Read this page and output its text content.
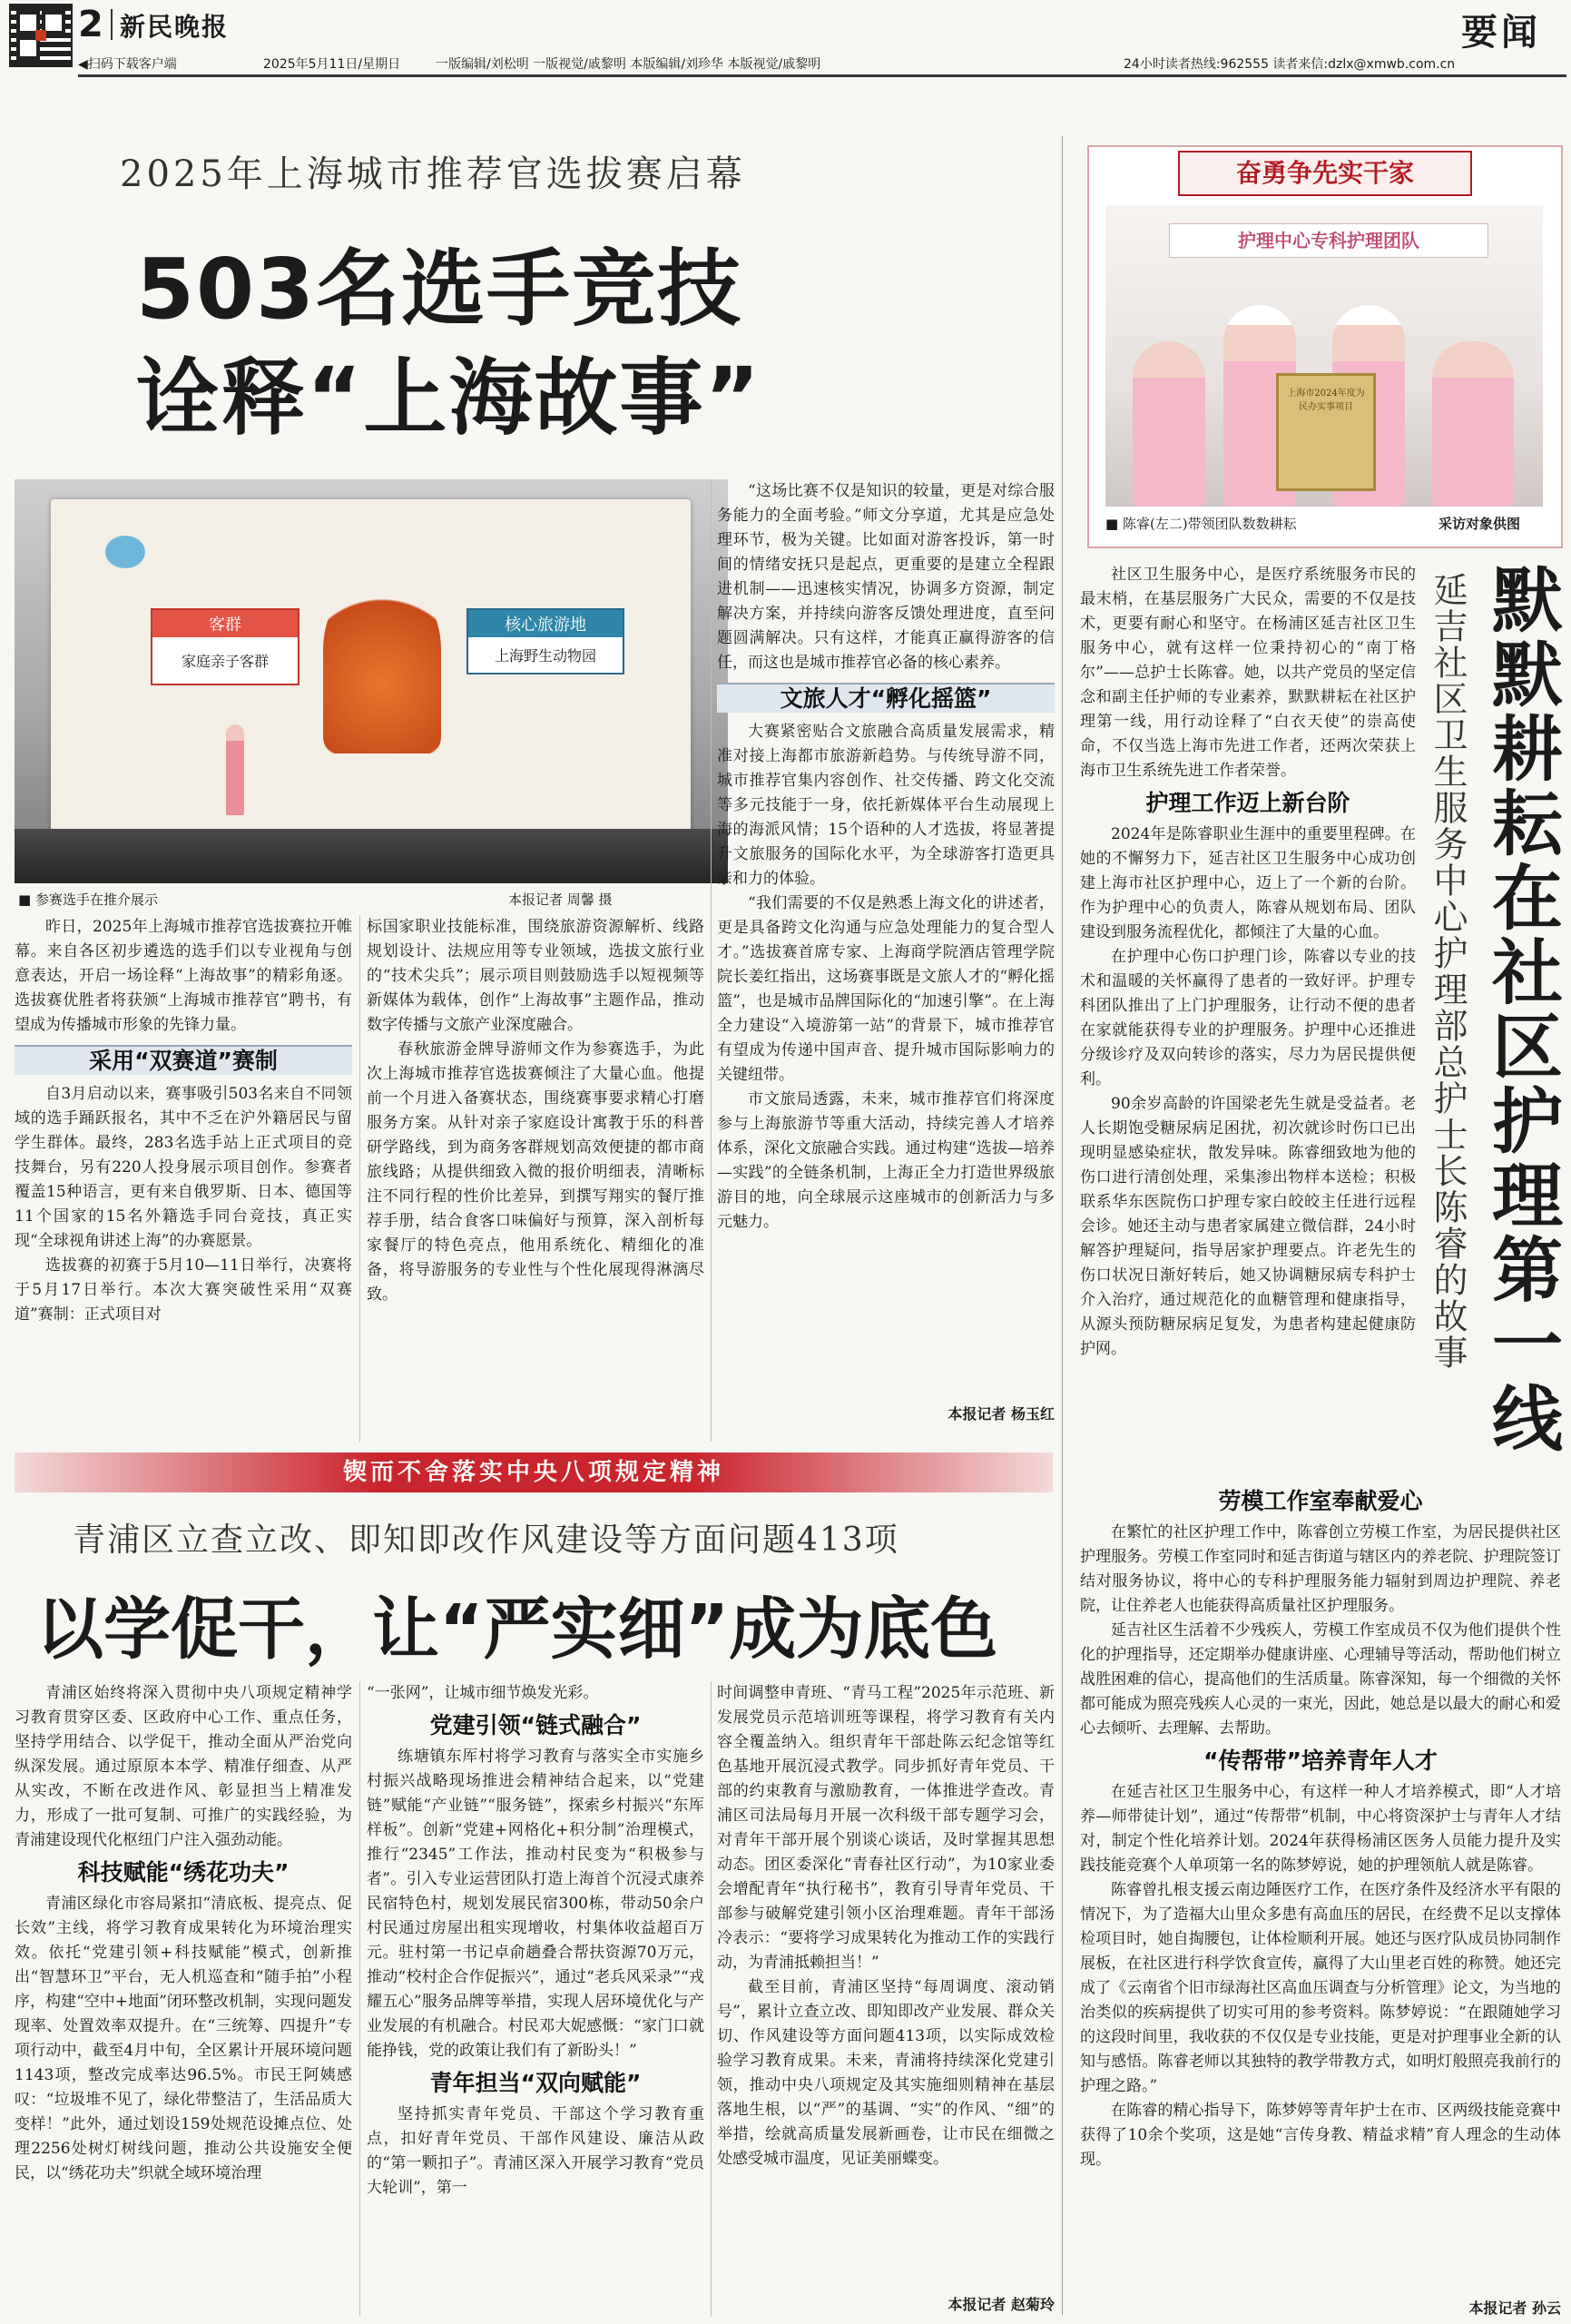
2 新民晚报	要闻
◀扫码下载客户端	2025年5月11日/星期日	一版编辑/刘松明 一版视觉/戚黎明 本版编辑/刘珍华 本版视觉/戚黎明	24小时读者热线:962555 读者来信:dzlx@xmwb.com.cn
2025年上海城市推荐官选拔赛启幕
503名选手竞技
诠释“上海故事”
客群
家庭亲子客群
核心旅游地
上海野生动物园
■ 参赛选手在推介展示	本报记者 周馨 摄

昨日，2025年上海城市推荐官选拔赛拉开帷幕。来自各区初步遴选的选手们以专业视角与创意表达，开启一场诠释“上海故事”的精彩角逐。选拔赛优胜者将获颁“上海城市推荐官”聘书，有望成为传播城市形象的先锋力量。

采用“双赛道”赛制

自3月启动以来，赛事吸引503名来自不同领域的选手踊跃报名，其中不乏在沪外籍居民与留学生群体。最终，283名选手站上正式项目的竞技舞台，另有220人投身展示项目创作。参赛者覆盖15种语言，更有来自俄罗斯、日本、德国等11个国家的15名外籍选手同台竞技，真正实现“全球视角讲述上海”的办赛愿景。

选拔赛的初赛于5月10—11日举行，决赛将于5月17日举行。本次大赛突破性采用“双赛道”赛制：正式项目对

标国家职业技能标准，围绕旅游资源解析、线路规划设计、法规应用等专业领域，选拔文旅行业的“技术尖兵”；展示项目则鼓励选手以短视频等新媒体为载体，创作“上海故事”主题作品，推动数字传播与文旅产业深度融合。

春秋旅游金牌导游师文作为参赛选手，为此次上海城市推荐官选拔赛倾注了大量心血。他提前一个月进入备赛状态，围绕赛事要求精心打磨服务方案。从针对亲子家庭设计寓教于乐的科普研学路线，到为商务客群规划高效便捷的都市商旅线路；从提供细致入微的报价明细表，清晰标注不同行程的性价比差异，到撰写翔实的餐厅推荐手册，结合食客口味偏好与预算，深入剖析每家餐厅的特色亮点，他用系统化、精细化的准备，将导游服务的专业性与个性化展现得淋漓尽致。

“这场比赛不仅是知识的较量，更是对综合服务能力的全面考验。”师文分享道，尤其是应急处理环节，极为关键。比如面对游客投诉，第一时间的情绪安抚只是起点，更重要的是建立全程跟进机制——迅速核实情况，协调多方资源，制定解决方案，并持续向游客反馈处理进度，直至问题圆满解决。只有这样，才能真正赢得游客的信任，而这也是城市推荐官必备的核心素养。

文旅人才“孵化摇篮”

大赛紧密贴合文旅融合高质量发展需求，精准对接上海都市旅游新趋势。与传统导游不同，城市推荐官集内容创作、社交传播、跨文化交流等多元技能于一身，依托新媒体平台生动展现上海的海派风情；15个语种的人才选拔，将显著提升文旅服务的国际化水平，为全球游客打造更具亲和力的体验。

“我们需要的不仅是熟悉上海文化的讲述者，更是具备跨文化沟通与应急处理能力的复合型人才。”选拔赛首席专家、上海商学院酒店管理学院院长姜红指出，这场赛事既是文旅人才的“孵化摇篮”，也是城市品牌国际化的“加速引擎”。在上海全力建设“入境游第一站”的背景下，城市推荐官有望成为传递中国声音、提升城市国际影响力的关键纽带。

市文旅局透露，未来，城市推荐官们将深度参与上海旅游节等重大活动，持续完善人才培养体系，深化文旅融合实践。通过构建“选拔—培养—实践”的全链条机制，上海正全力打造世界级旅游目的地，向全球展示这座城市的创新活力与多元魅力。

本报记者 杨玉红
锲而不舍落实中央八项规定精神
青浦区立查立改、即知即改作风建设等方面问题413项
以学促干，让“严实细”成为底色

青浦区始终将深入贯彻中央八项规定精神学习教育贯穿区委、区政府中心工作、重点任务，坚持学用结合、以学促干，推动全面从严治党向纵深发展。通过原原本本学、精准仔细查、从严从实改，不断在改进作风、彰显担当上精准发力，形成了一批可复制、可推广的实践经验，为青浦建设现代化枢纽门户注入强劲动能。

科技赋能“绣花功夫”

青浦区绿化市容局紧扣“清底板、提亮点、促长效”主线，将学习教育成果转化为环境治理实效。依托“党建引领+科技赋能”模式，创新推出“智慧环卫”平台，无人机巡查和“随手拍”小程序，构建“空中+地面”闭环整改机制，实现问题发现率、处置效率双提升。在“三统筹、四提升”专项行动中，截至4月中旬，全区累计开展环境问题1143项，整改完成率达96.5%。市民王阿姨感叹：“垃圾堆不见了，绿化带整洁了，生活品质大变样！”此外，通过划设159处规范设摊点位、处理2256处树灯树线问题，推动公共设施安全便民，以“绣花功夫”织就全域环境治理

“一张网”，让城市细节焕发光彩。

党建引领“链式融合”

练塘镇东厍村将学习教育与落实全市实施乡村振兴战略现场推进会精神结合起来，以“党建链”赋能“产业链”“服务链”，探索乡村振兴“东厍样板”。创新“党建+网格化+积分制”治理模式，推行“2345”工作法，推动村民变为“积极参与者”。引入专业运营团队打造上海首个沉浸式康养民宿特色村，规划发展民宿300栋，带动50余户村民通过房屋出租实现增收，村集体收益超百万元。驻村第一书记卓俞趟叠合帮扶资源70万元，推动“校村企合作促振兴”，通过“老兵风采录”“戎耀五心”服务品牌等举措，实现人居环境优化与产业发展的有机融合。村民邓大妮感慨：“家门口就能挣钱，党的政策让我们有了新盼头！”

青年担当“双向赋能”

坚持抓实青年党员、干部这个学习教育重点，扣好青年党员、干部作风建设、廉洁从政的“第一颗扣子”。青浦区深入开展学习教育“党员大轮训”，第一

时间调整申青班、“青马工程”2025年示范班、新发展党员示范培训班等课程，将学习教育有关内容全覆盖纳入。组织青年干部赴陈云纪念馆等红色基地开展沉浸式教学。同步抓好青年党员、干部的约束教育与激励教育，一体推进学查改。青浦区司法局每月开展一次科级干部专题学习会，对青年干部开展个别谈心谈话，及时掌握其思想动态。团区委深化“青春社区行动”，为10家业委会增配青年“执行秘书”，教育引导青年党员、干部参与破解党建引领小区治理难题。青年干部汤冷表示：“要将学习成果转化为推动工作的实践行动，为青浦抵赖担当！”

截至目前，青浦区坚持“每周调度、滚动销号”，累计立查立改、即知即改产业发展、群众关切、作风建设等方面问题413项，以实际成效检验学习教育成果。未来，青浦将持续深化党建引领，推动中央八项规定及其实施细则精神在基层落地生根，以“严”的基调、“实”的作风、“细”的举措，绘就高质量发展新画卷，让市民在细微之处感受城市温度，见证美丽蝶变。

本报记者 赵菊玲
奋勇争先实干家
护理中心专科护理团队
上海市2024年度为民办实事项目
■ 陈睿(左二)带领团队数数耕耘	采访对象供图
默默耕耘在社区护理第一线
延吉社区卫生服务中心护理部总护士长陈睿的故事

社区卫生服务中心，是医疗系统服务市民的最末梢，在基层服务广大民众，需要的不仅是技术，更要有耐心和坚守。在杨浦区延吉社区卫生服务中心，就有这样一位秉持初心的“南丁格尔”——总护士长陈睿。她，以共产党员的坚定信念和副主任护师的专业素养，默默耕耘在社区护理第一线，用行动诠释了“白衣天使”的崇高使命，不仅当选上海市先进工作者，还两次荣获上海市卫生系统先进工作者荣誉。

护理工作迈上新台阶

2024年是陈睿职业生涯中的重要里程碑。在她的不懈努力下，延吉社区卫生服务中心成功创建上海市社区护理中心，迈上了一个新的台阶。作为护理中心的负责人，陈睿从规划布局、团队建设到服务流程优化，都倾注了大量的心血。

在护理中心伤口护理门诊，陈睿以专业的技术和温暖的关怀赢得了患者的一致好评。护理专科团队推出了上门护理服务，让行动不便的患者在家就能获得专业的护理服务。护理中心还推进分级诊疗及双向转诊的落实，尽力为居民提供便利。

90余岁高龄的许国梁老先生就是受益者。老人长期饱受糖尿病足困扰，初次就诊时伤口已出现明显感染症状，散发异味。陈睿细致地为他的伤口进行清创处理，采集渗出物样本送检；积极联系华东医院伤口护理专家白皎皎主任进行远程会诊。她还主动与患者家属建立微信群，24小时解答护理疑问，指导居家护理要点。许老先生的伤口状况日渐好转后，她又协调糖尿病专科护士介入治疗，通过规范化的血糖管理和健康指导，从源头预防糖尿病足复发，为患者构建起健康防护网。

劳模工作室奉献爱心

在繁忙的社区护理工作中，陈睿创立劳模工作室，为居民提供社区护理服务。劳模工作室同时和延吉街道与辖区内的养老院、护理院签订结对服务协议，将中心的专科护理服务能力辐射到周边护理院、养老院，让住养老人也能获得高质量社区护理服务。

延吉社区生活着不少残疾人，劳模工作室成员不仅为他们提供个性化的护理指导，还定期举办健康讲座、心理辅导等活动，帮助他们树立战胜困难的信心，提高他们的生活质量。陈睿深知，每一个细微的关怀都可能成为照亮残疾人心灵的一束光，因此，她总是以最大的耐心和爱心去倾听、去理解、去帮助。

“传帮带”培养青年人才

在延吉社区卫生服务中心，有这样一种人才培养模式，即“人才培养—师带徒计划”，通过“传帮带”机制，中心将资深护士与青年人才结对，制定个性化培养计划。2024年获得杨浦区医务人员能力提升及实践技能竞赛个人单项第一名的陈梦婷说，她的护理领航人就是陈睿。

陈睿曾扎根支援云南边陲医疗工作，在医疗条件及经济水平有限的情况下，为了造福大山里众多患有高血压的居民，在经费不足以支撑体检项目时，她自掏腰包，让体检顺利开展。她还与医疗队成员协同制作展板，在社区进行科学饮食宣传，赢得了大山里老百姓的称赞。她还完成了《云南省个旧市绿海社区高血压调查与分析管理》论文，为当地的治类似的疾病提供了切实可用的参考资料。陈梦婷说：“在跟随她学习的这段时间里，我收获的不仅仅是专业技能，更是对护理事业全新的认知与感悟。陈睿老师以其独特的教学带教方式，如明灯般照亮我前行的护理之路。”

在陈睿的精心指导下，陈梦婷等青年护士在市、区两级技能竞赛中获得了10余个奖项，这是她“言传身教、精益求精”育人理念的生动体现。

本报记者 孙云
